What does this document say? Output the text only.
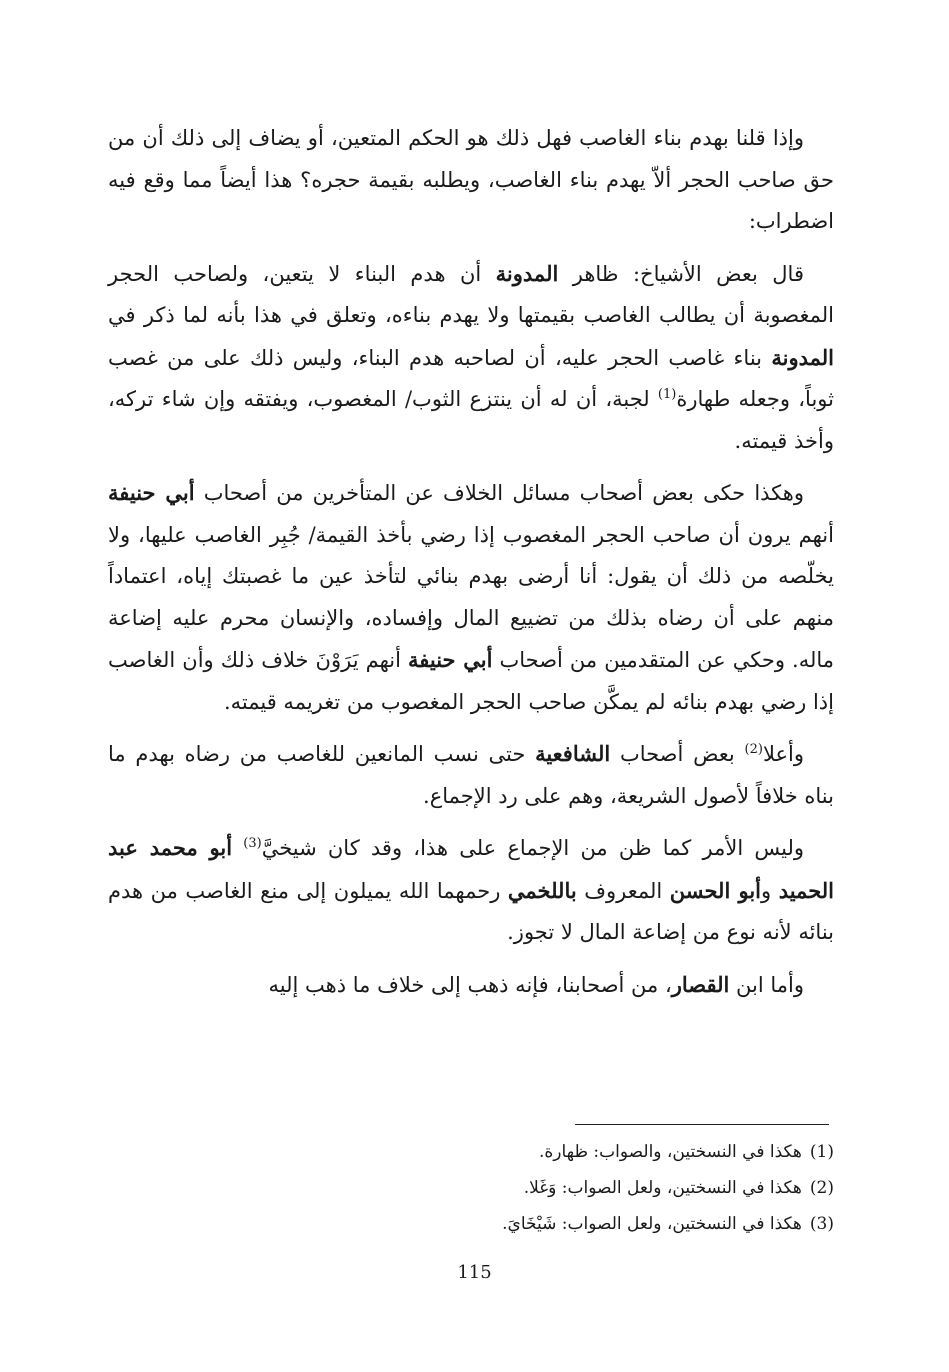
وإذا قلنا بهدم بناء الغاصب فهل ذلك هو الحكم المتعين، أو يضاف إلى ذلك أن من حق صاحب الحجر ألاّ يهدم بناء الغاصب، ويطلبه بقيمة حجره؟ هذا أيضاً مما وقع فيه اضطراب:

قال بعض الأشياخ: ظاهر المدونة أن هدم البناء لا يتعين، ولصاحب الحجر المغصوبة أن يطالب الغاصب بقيمتها ولا يهدم بناءه، وتعلق في هذا بأنه لما ذكر في المدونة بناء غاصب الحجر عليه، أن لصاحبه هدم البناء، وليس ذلك على من غصب ثوباً، وجعله طهارة$^{(1)}$ لجبة، أن له أن ينتزع الثوب/ المغصوب، ويفتقه وإن شاء تركه، وأخذ قيمته.

وهكذا حكى بعض أصحاب مسائل الخلاف عن المتأخرين من أصحاب أبي حنيفة أنهم يرون أن صاحب الحجر المغصوب إذا رضي بأخذ القيمة/ جُبِر الغاصب عليها، ولا يخلّصه من ذلك أن يقول: أنا أرضى بهدم بنائي لتأخذ عين ما غصبتك إياه، اعتماداً منهم على أن رضاه بذلك من تضييع المال وإفساده، والإنسان محرم عليه إضاعة ماله. وحكي عن المتقدمين من أصحاب أبي حنيفة أنهم يَرَوْنَ خلاف ذلك وأن الغاصب إذا رضي بهدم بنائه لم يمكَّن صاحب الحجر المغصوب من تغريمه قيمته.

وأعلا$^{(2)}$ بعض أصحاب الشافعية حتى نسب المانعين للغاصب من رضاه بهدم ما بناه خلافاً لأصول الشريعة، وهم على رد الإجماع.

وليس الأمر كما ظن من الإجماع على هذا، وقد كان شيخيَّ$^{(3)}$ أبو محمد عبد الحميد وأبو الحسن المعروف باللخمي رحمهما الله يميلون إلى منع الغاصب من هدم بنائه لأنه نوع من إضاعة المال لا تجوز.

وأما ابن القصار، من أصحابنا، فإنه ذهب إلى خلاف ما ذهب إليه

(1)هكذا في النسختين، والصواب: ظهارة.

(2)هكذا في النسختين، ولعل الصواب: وَغَلا.

(3)هكذا في النسختين، ولعل الصواب: شَيْخَايَ.

115
